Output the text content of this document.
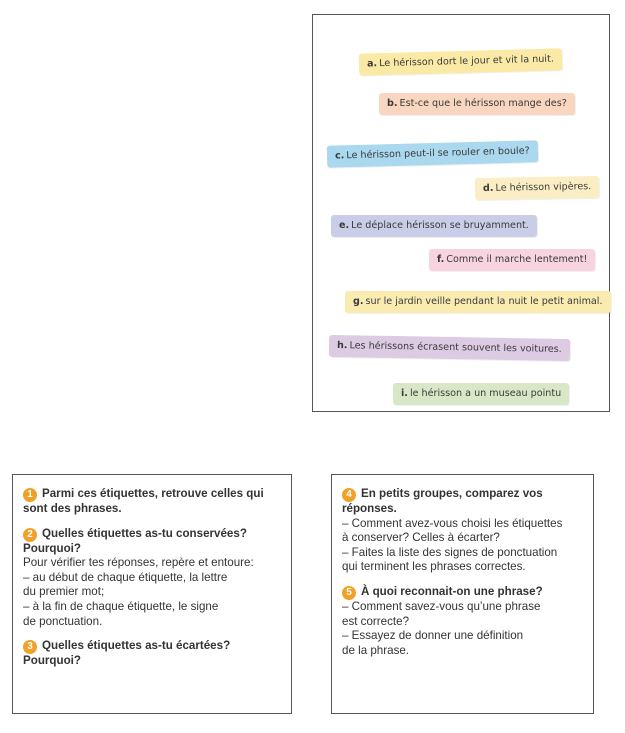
a. Le hérisson dort le jour et vit la nuit.
b. Est-ce que le hérisson mange des?
c. Le hérisson peut-il se rouler en boule?
d. Le hérisson vipères.
e. Le déplace hérisson se bruyamment.
f. Comme il marche lentement!
g. sur le jardin veille pendant la nuit le petit animal.
h. Les hérissons écrasent souvent les voitures.
i. le hérisson a un museau pointu
1 Parmi ces étiquettes, retrouve celles qui sont des phrases.
2 Quelles étiquettes as-tu conservées? Pourquoi?
Pour vérifier tes réponses, repère et entoure:
– au début de chaque étiquette, la lettre
du premier mot;
– à la fin de chaque étiquette, le signe
de ponctuation.
3 Quelles étiquettes as-tu écartées? Pourquoi?
4 En petits groupes, comparez vos réponses.
– Comment avez-vous choisi les étiquettes
à conserver? Celles à écarter?
– Faites la liste des signes de ponctuation
qui terminent les phrases correctes.
5 À quoi reconnait-on une phrase?
– Comment savez-vous qu’une phrase
est correcte?
– Essayez de donner une définition
de la phrase.
